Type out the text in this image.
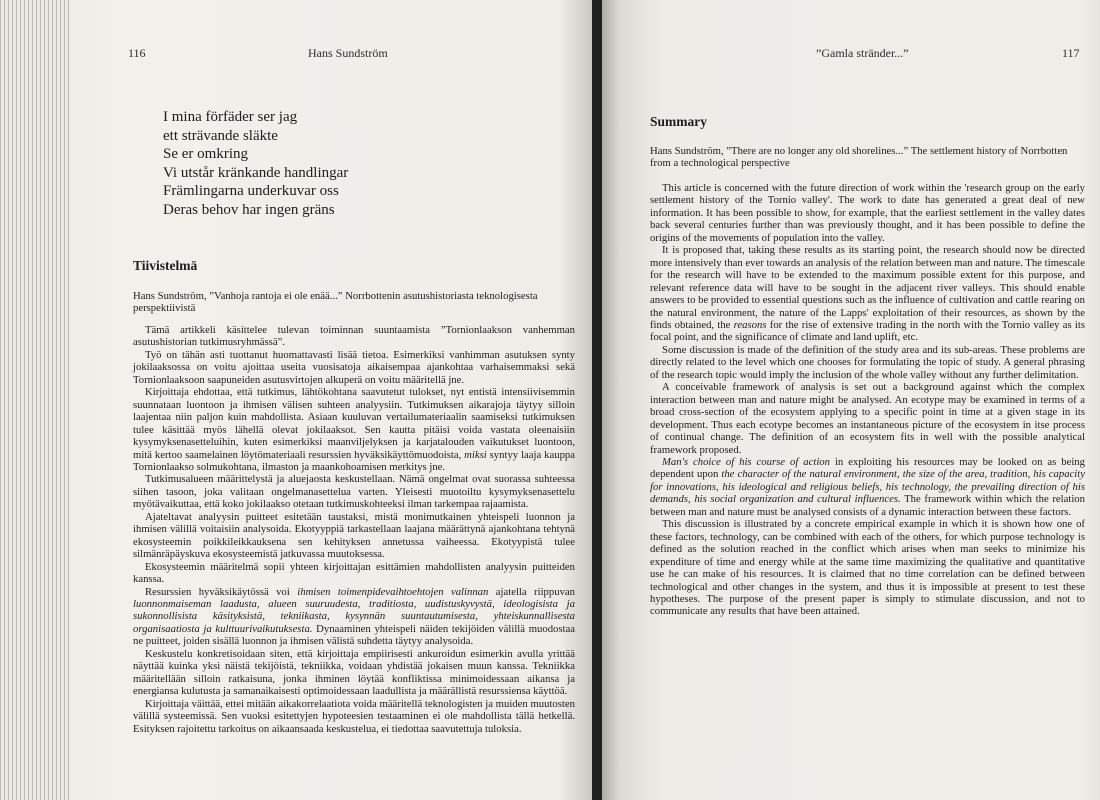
116	Hans Sundström
I mina förfäder ser jag
ett strävande släkte
Se er omkring
Vi utstår kränkande handlingar
Främlingarna underkuvar oss
Deras behov har ingen gräns
Tiivistelmä
Hans Sundström, ”Vanhoja rantoja ei ole enää...” Norrbottenin asutushistoriasta teknologisesta perspektiivistä

Tämä artikkeli käsittelee tulevan toiminnan suuntaamista ”Tornionlaakson vanhemman asutushistorian tutkimusryhmässä”.

Työ on tähän asti tuottanut huomattavasti lisää tietoa. Esimerkiksi vanhimman asutuksen synty jokilaaksossa on voitu ajoittaa useita vuosisatoja aikaisempaa ajankohtaa varhaisemmaksi sekä Tornionlaaksoon saapuneiden asutusvirtojen alkuperä on voitu määritellä jne.

Kirjoittaja ehdottaa, että tutkimus, lähtökohtana saavutetut tulokset, nyt entistä intensiivisemmin suunnataan luontoon ja ihmisen välisen suhteen analyysiin. Tutkimuksen aikarajoja täytyy silloin laajentaa niin paljon kuin mahdollista. Asiaan kuuluvan vertailumateriaalin saamiseksi tutkimuksen tulee käsittää myös lähellä olevat jokilaaksot. Sen kautta pitäisi voida vastata oleenaisiin kysymyksenasetteluihin, kuten esimerkiksi maanviljelyksen ja karjatalouden vaikutukset luontoon, mitä kertoo saamelainen löytömateriaali resurssien hyväksikäyttömuodoista, miksi syntyy laaja kauppa Tornionlaakso solmukohtana, ilmaston ja maankohoamisen merkitys jne.

Tutkimusalueen määrittelystä ja aluejaosta keskustellaan. Nämä ongelmat ovat suorassa suhteessa siihen tasoon, joka valitaan ongelmanasettelua varten. Yleisesti muotoiltu kysymyksenasettelu myötävaikuttaa, että koko jokilaakso otetaan tutkimuskohteeksi ilman tarkempaa rajaamista.

Ajateltavat analyysin puitteet esitetään taustaksi, mistä monimutkainen yhteispeli luonnon ja ihmisen välillä voitaisiin analysoida. Ekotyyppiä tarkastellaan laajana määrättynä ajankohtana tehtynä ekosysteemin poikkileikkauksena sen kehityksen annetussa vaiheessa. Ekotyypistä tulee silmänräpäyskuva ekosysteemistä jatkuvassa muutoksessa.

Ekosysteemin määritelmä sopii yhteen kirjoittajan esittämien mahdollisten analyysin puitteiden kanssa.

Resurssien hyväksikäytössä voi ihmisen toimenpidevaihtoehtojen valinnan ajatella riippuvan luonnonmaiseman laadusta, alueen suuruudesta, traditiosta, uudistuskyvystä, ideologisista ja sukonnollisista käsityksistä, tekniikasta, kysynnän suuntautumisesta, yhteiskunnallisesta organisaatiosta ja kulttuurivaikutuksesta. Dynaaminen yhteispeli näiden tekijöiden välillä muodostaa ne puitteet, joiden sisällä luonnon ja ihmisen välistä suhdetta täytyy analysoida.

Keskustelu konkretisoidaan siten, että kirjoittaja empiirisesti ankuroidun esimerkin avulla yrittää näyttää kuinka yksi näistä tekijöistä, tekniikka, voidaan yhdistää jokaisen muun kanssa. Tekniikka määritellään silloin ratkaisuna, jonka ihminen löytää konfliktissa minimoidessaan aikansa ja energiansa kulutusta ja samanaikaisesti optimoidessaan laadullista ja määrällistä resurssiensa käyttöä.

Kirjoittaja väittää, ettei mitään aikakorrelaatiota voida määritellä teknologisten ja muiden muutosten välillä systeemissä. Sen vuoksi esitettyjen hypoteesien testaaminen ei ole mahdollista tällä hetkellä. Esityksen rajoitettu tarkoitus on aikaansaada keskustelua, ei tiedottaa saavutettuja tuloksia.

”Gamla stränder...”	117
Summary
Hans Sundström, ”There are no longer any old shorelines...” The settlement history of Norrbotten from a technological perspective

This article is concerned with the future direction of work within the 'research group on the early settlement history of the Tornio valley'. The work to date has generated a great deal of new information. It has been possible to show, for example, that the earliest settlement in the valley dates back several centuries further than was previously thought, and it has been possible to define the origins of the movements of population into the valley.

It is proposed that, taking these results as its starting point, the research should now be directed more intensively than ever towards an analysis of the relation between man and nature. The timescale for the research will have to be extended to the maximum possible extent for this purpose, and relevant reference data will have to be sought in the adjacent river valleys. This should enable answers to be provided to essential questions such as the influence of cultivation and cattle rearing on the natural environment, the nature of the Lapps' exploitation of their resources, as shown by the finds obtained, the reasons for the rise of extensive trading in the north with the Tornio valley as its focal point, and the significance of climate and land uplift, etc.

Some discussion is made of the definition of the study area and its sub-areas. These problems are directly related to the level which one chooses for formulating the topic of study. A general phrasing of the research topic would imply the inclusion of the whole valley without any further delimitation.

A conceivable framework of analysis is set out a background against which the complex interaction between man and nature might be analysed. An ecotype may be examined in terms of a broad cross-section of the ecosystem applying to a specific point in time at a given stage in its development. Thus each ecotype becomes an instantaneous picture of the ecosystem in itse process of continual change. The definition of an ecosystem fits in well with the possible analytical framework proposed.

Man's choice of his course of action in exploiting his resources may be looked on as being dependent upon the character of the natural environment, the size of the area, tradition, his capacity for innovations, his ideological and religious beliefs, his technology, the prevailing direction of his demands, his social organization and cultural influences. The framework within which the relation between man and nature must be analysed consists of a dynamic interaction between these factors.

This discussion is illustrated by a concrete empirical example in which it is shown how one of these factors, technology, can be combined with each of the others, for which purpose technology is defined as the solution reached in the conflict which arises when man seeks to minimize his expenditure of time and energy while at the same time maximizing the qualitative and quantitative use he can make of his resources. It is claimed that no time correlation can be defined between technological and other changes in the system, and thus it is impossible at present to test these hypotheses. The purpose of the present paper is simply to stimulate discussion, and not to communicate any results that have been attained.
